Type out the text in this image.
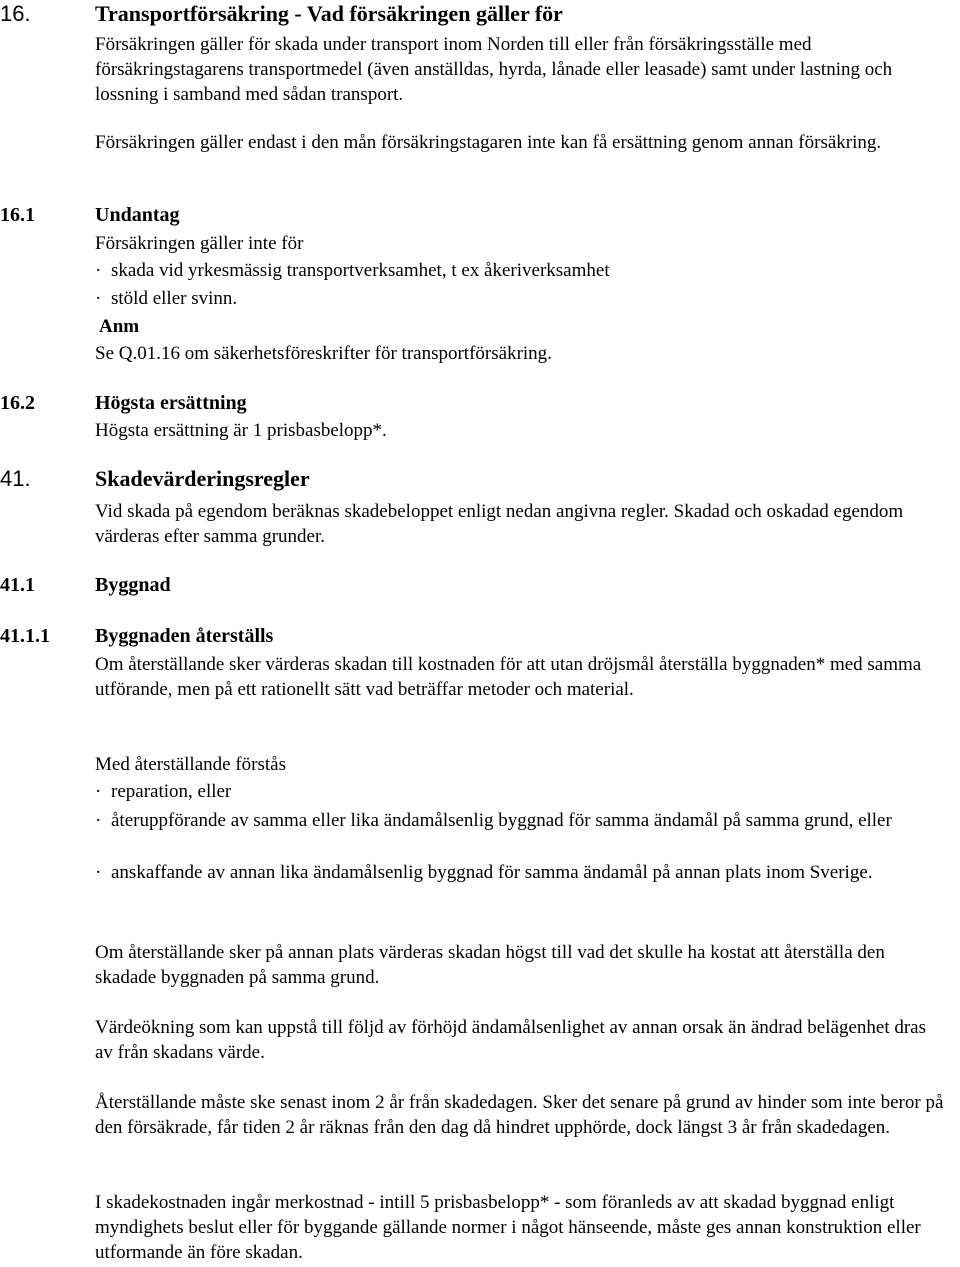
16.	Transportförsäkring - Vad försäkringen gäller för

Försäkringen gäller för skada under transport inom Norden till eller från försäkringsställe med försäkringstagarens transportmedel (även anställdas, hyrda, lånade eller leasade) samt under lastning och lossning i samband med sådan transport.

Försäkringen gäller endast i den mån försäkringstagaren inte kan få ersättning genom annan försäkring.

16.1	Undantag

Försäkringen gäller inte för

· skada vid yrkesmässig transportverksamhet, t ex åkeriverksamhet
· stöld eller svinn.
Anm

Se Q.01.16 om säkerhetsföreskrifter för transportförsäkring.

16.2	Högsta ersättning

Högsta ersättning är 1 prisbasbelopp*.

41.	Skadevärderingsregler

Vid skada på egendom beräknas skadebeloppet enligt nedan angivna regler. Skadad och oskadad egendom värderas efter samma grunder.

41.1	Byggnad
41.1.1 Byggnaden återställs

Om återställande sker värderas skadan till kostnaden för att utan dröjsmål återställa byggnaden* med samma utförande, men på ett rationellt sätt vad beträffar metoder och material.

Med återställande förstås

· reparation, eller
· återuppförande av samma eller lika ändamålsenlig byggnad för samma ändamål på samma grund, eller
· anskaffande av annan lika ändamålsenlig byggnad för samma ändamål på annan plats inom Sverige.

Om återställande sker på annan plats värderas skadan högst till vad det skulle ha kostat att återställa den skadade byggnaden på samma grund.

Värdeökning som kan uppstå till följd av förhöjd ändamålsenlighet av annan orsak än ändrad belägenhet dras av från skadans värde.

Återställande måste ske senast inom 2 år från skadedagen. Sker det senare på grund av hinder som inte beror på den försäkrade, får tiden 2 år räknas från den dag då hindret upphörde, dock längst 3 år från skadedagen.

I skadekostnaden ingår merkostnad - intill 5 prisbasbelopp* - som föranleds av att skadad byggnad enligt myndighets beslut eller för byggande gällande normer i något hänseende, måste ges annan konstruktion eller utformande än före skadan.
